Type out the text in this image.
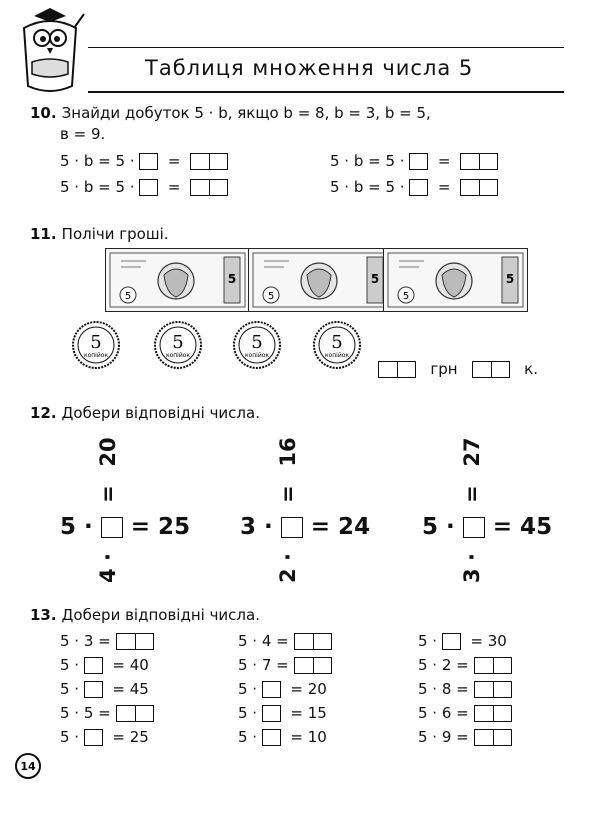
Таблиця множення числа 5
10. Знайди добуток 5 · b, якщо b = 8, b = 3, b = 5,
в = 9.
5 · b = 5 · =
5 · b = 5 · =
5 · b = 5 · =
5 · b = 5 · =
11. Полічи гроші.
5
5
5
5
5
5
5
копійок
5
копійок
5
копійок
5
копійок
грн	к.
12. Добери відповідні числа.
20
=
5 · = 25
4 ·
16
=
3 · = 24
2 ·
27
=
5 · = 45
3 ·
13. Добери відповідні числа.
5 · 3 =
5 · = 40
5 · = 45
5 · 5 =
5 · = 25
5 · 4 =
5 · 7 =
5 · = 20
5 · = 15
5 · = 10
5 · = 30
5 · 2 =
5 · 8 =
5 · 6 =
5 · 9 =
14
